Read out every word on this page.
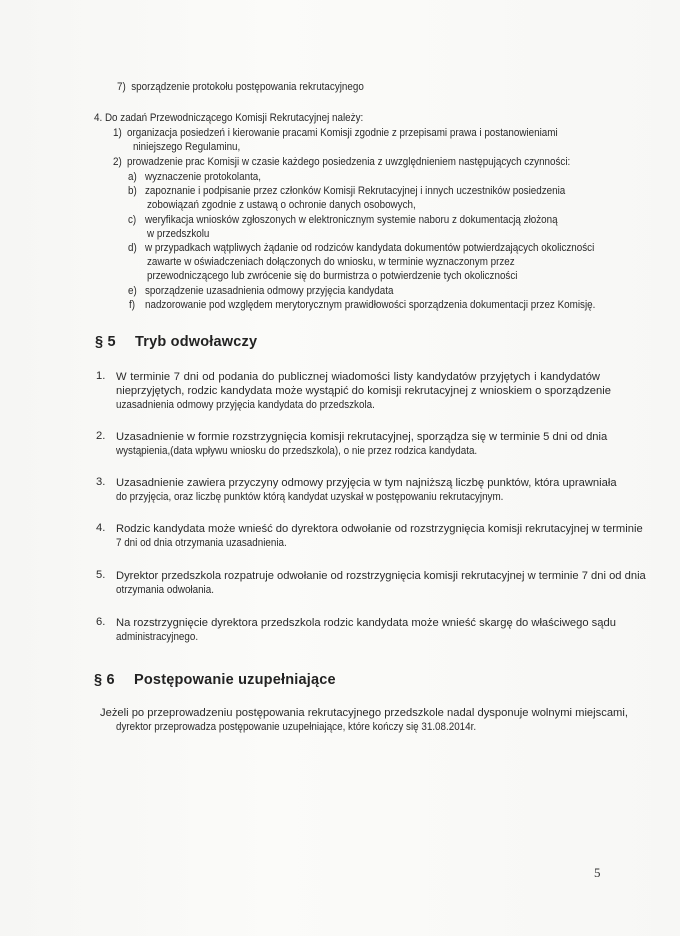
7) sporządzenie protokołu postępowania rekrutacyjnego
4. Do zadań Przewodniczącego Komisji Rekrutacyjnej należy:
1) organizacja posiedzeń i kierowanie pracami Komisji zgodnie z przepisami prawa i postanowieniami
niniejszego Regulaminu,
2) prowadzenie prac Komisji w czasie każdego posiedzenia z uwzględnieniem następujących czynności:
a) wyznaczenie protokolanta,
b) zapoznanie i podpisanie przez członków Komisji Rekrutacyjnej i innych uczestników posiedzenia
zobowiązań zgodnie z ustawą o ochronie danych osobowych,
c) weryfikacja wniosków zgłoszonych w elektronicznym systemie naboru z dokumentacją złożoną
w przedszkolu
d) w przypadkach wątpliwych żądanie od rodziców kandydata dokumentów potwierdzających okoliczności
zawarte w oświadczeniach dołączonych do wniosku, w terminie wyznaczonym przez
przewodniczącego lub zwrócenie się do burmistrza o potwierdzenie tych okoliczności
e) sporządzenie uzasadnienia odmowy przyjęcia kandydata
f) nadzorowanie pod względem merytorycznym prawidłowości sporządzenia dokumentacji przez Komisję.
§ 5 Tryb odwoławczy
1. W terminie 7 dni od podania do publicznej wiadomości listy kandydatów przyjętych i kandydatów
nieprzyjętych, rodzic kandydata może wystąpić do komisji rekrutacyjnej z wnioskiem o sporządzenie
uzasadnienia odmowy przyjęcia kandydata do przedszkola.
2. Uzasadnienie w formie rozstrzygnięcia komisji rekrutacyjnej, sporządza się w terminie 5 dni od dnia
wystąpienia,(data wpływu wniosku do przedszkola), o nie przez rodzica kandydata.
3. Uzasadnienie zawiera przyczyny odmowy przyjęcia w tym najniższą liczbę punktów, która uprawniała
do przyjęcia, oraz liczbę punktów którą kandydat uzyskał w postępowaniu rekrutacyjnym.
4. Rodzic kandydata może wnieść do dyrektora odwołanie od rozstrzygnięcia komisji rekrutacyjnej w terminie
7 dni od dnia otrzymania uzasadnienia.
5. Dyrektor przedszkola rozpatruje odwołanie od rozstrzygnięcia komisji rekrutacyjnej w terminie 7 dni od dnia
otrzymania odwołania.
6. Na rozstrzygnięcie dyrektora przedszkola rodzic kandydata może wnieść skargę do właściwego sądu
administracyjnego.
§ 6 Postępowanie uzupełniające
Jeżeli po przeprowadzeniu postępowania rekrutacyjnego przedszkole nadal dysponuje wolnymi miejscami,
dyrektor przeprowadza postępowanie uzupełniające, które kończy się 31.08.2014r.
5
